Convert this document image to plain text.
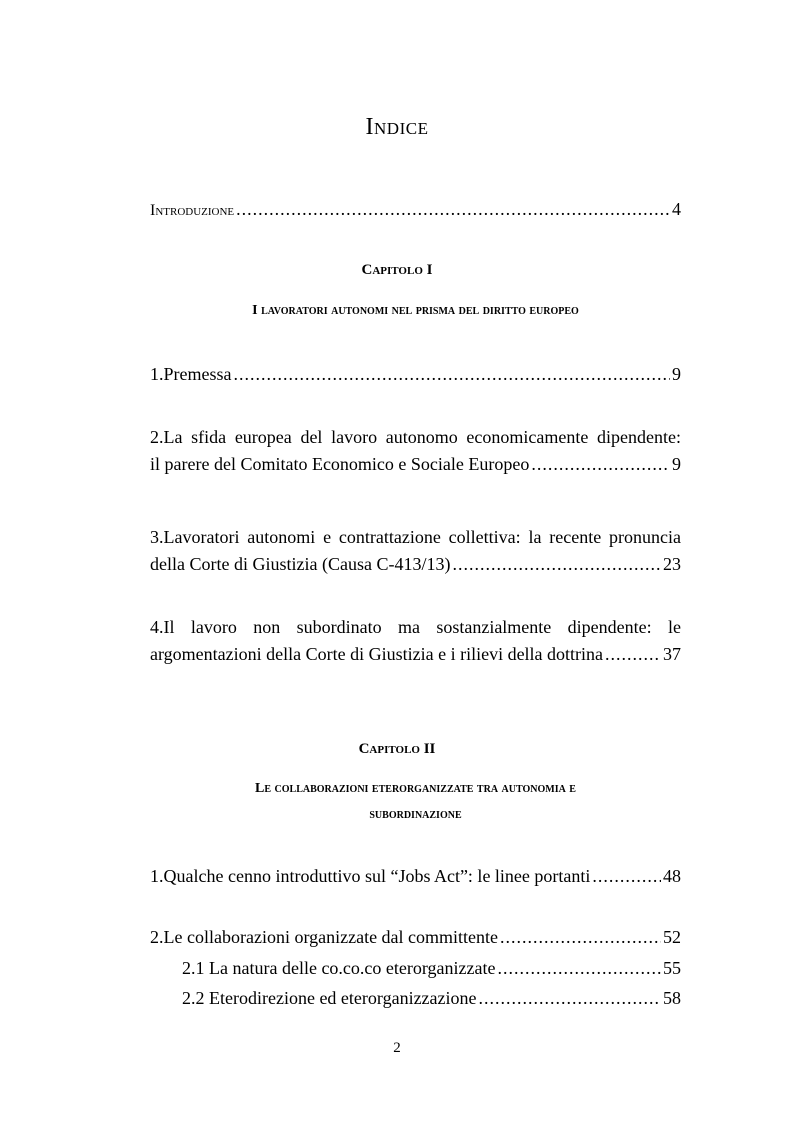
Indice
Introduzione .....	4
Capitolo I
I lavoratori autonomi nel prisma del diritto europeo
1.Premessa .....	9
2.La sfida europea del lavoro autonomo economicamente dipendente:
il parere del Comitato Economico e Sociale Europeo .....	9
3.Lavoratori autonomi e contrattazione collettiva: la recente pronuncia
della Corte di Giustizia (Causa C-413/13) .....	23
4.Il lavoro non subordinato ma sostanzialmente dipendente: le
argomentazioni della Corte di Giustizia e i rilievi della dottrina .....	37
Capitolo II
Le collaborazioni eterorganizzate tra autonomia e
subordinazione
1.Qualche cenno introduttivo sul “Jobs Act”: le linee portanti .....	48
2.Le collaborazioni organizzate dal committente .....	52
2.1 La natura delle co.co.co eterorganizzate .....	55
2.2 Eterodirezione ed eterorganizzazione .....	58
2
